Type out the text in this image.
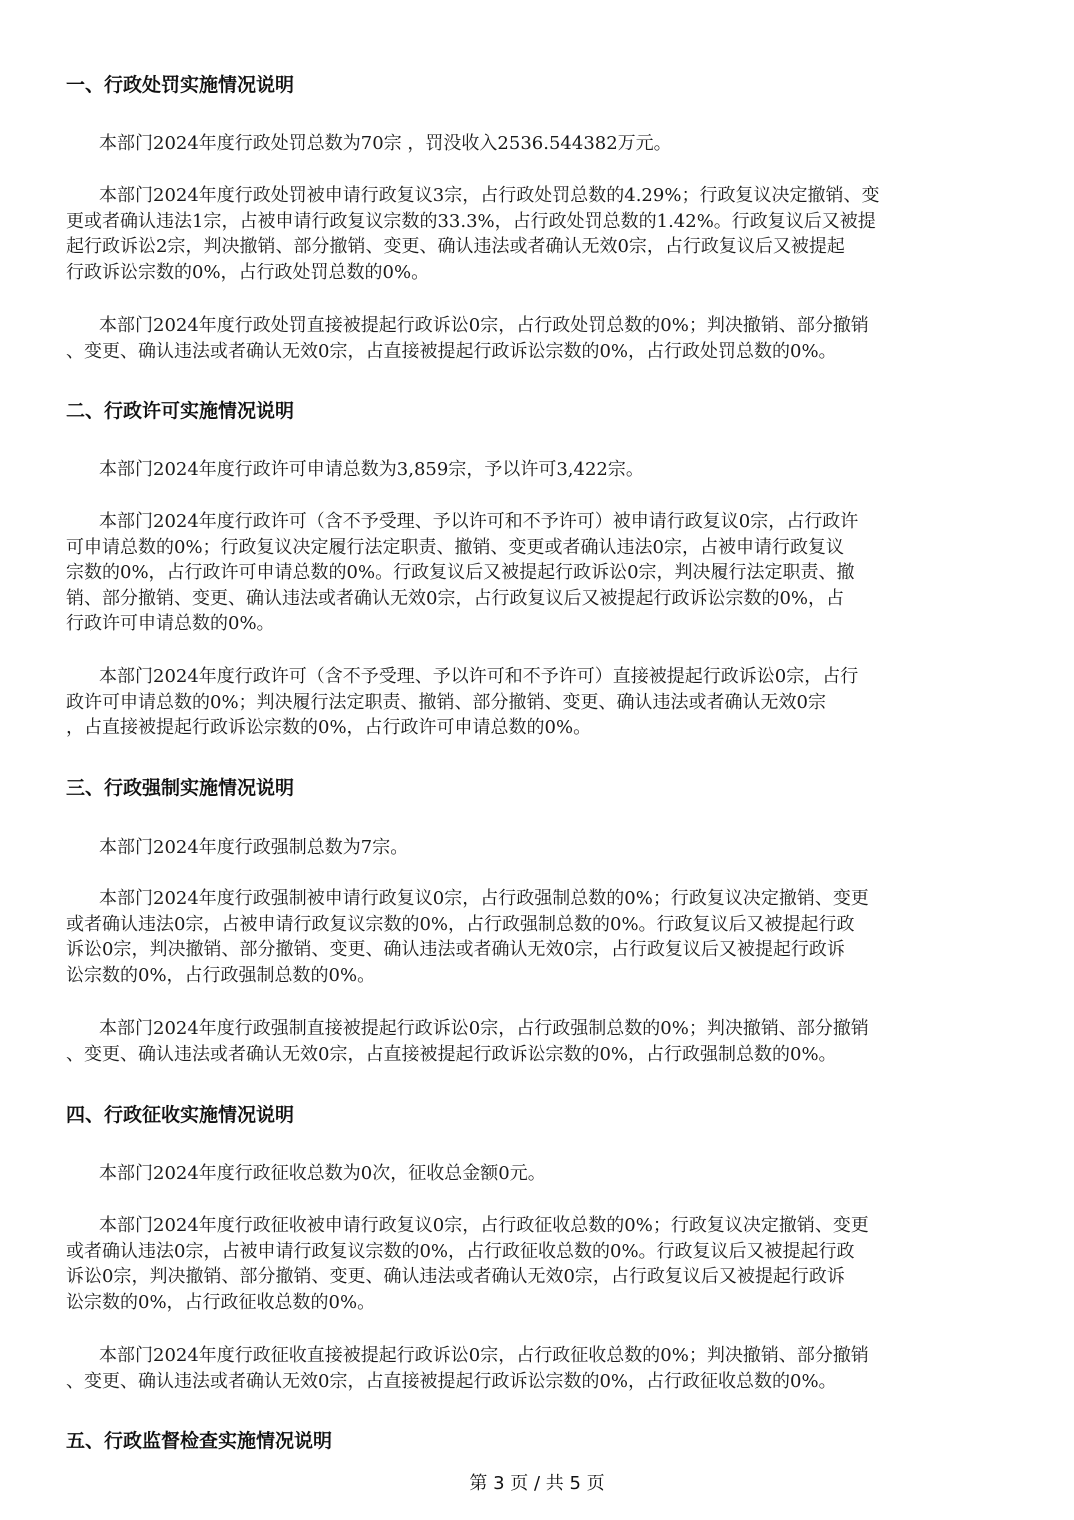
一、行政处罚实施情况说明
本部门2024年度行政处罚总数为70宗 ，罚没收入2536.544382万元。
本部门2024年度行政处罚被申请行政复议3宗，占行政处罚总数的4.29%；行政复议决定撤销、变
更或者确认违法1宗，占被申请行政复议宗数的33.3%，占行政处罚总数的1.42%。行政复议后又被提
起行政诉讼2宗，判决撤销、部分撤销、变更、确认违法或者确认无效0宗，占行政复议后又被提起
行政诉讼宗数的0%，占行政处罚总数的0%。
本部门2024年度行政处罚直接被提起行政诉讼0宗，占行政处罚总数的0%；判决撤销、部分撤销
、变更、确认违法或者确认无效0宗，占直接被提起行政诉讼宗数的0%，占行政处罚总数的0%。
二、行政许可实施情况说明
本部门2024年度行政许可申请总数为3,859宗，予以许可3,422宗。
本部门2024年度行政许可（含不予受理、予以许可和不予许可）被申请行政复议0宗，占行政许
可申请总数的0%；行政复议决定履行法定职责、撤销、变更或者确认违法0宗，占被申请行政复议
宗数的0%，占行政许可申请总数的0%。行政复议后又被提起行政诉讼0宗，判决履行法定职责、撤
销、部分撤销、变更、确认违法或者确认无效0宗，占行政复议后又被提起行政诉讼宗数的0%，占
行政许可申请总数的0%。
本部门2024年度行政许可（含不予受理、予以许可和不予许可）直接被提起行政诉讼0宗，占行
政许可申请总数的0%；判决履行法定职责、撤销、部分撤销、变更、确认违法或者确认无效0宗
，占直接被提起行政诉讼宗数的0%，占行政许可申请总数的0%。
三、行政强制实施情况说明
本部门2024年度行政强制总数为7宗。
本部门2024年度行政强制被申请行政复议0宗，占行政强制总数的0%；行政复议决定撤销、变更
或者确认违法0宗，占被申请行政复议宗数的0%，占行政强制总数的0%。行政复议后又被提起行政
诉讼0宗，判决撤销、部分撤销、变更、确认违法或者确认无效0宗，占行政复议后又被提起行政诉
讼宗数的0%，占行政强制总数的0%。
本部门2024年度行政强制直接被提起行政诉讼0宗，占行政强制总数的0%；判决撤销、部分撤销
、变更、确认违法或者确认无效0宗，占直接被提起行政诉讼宗数的0%，占行政强制总数的0%。
四、行政征收实施情况说明
本部门2024年度行政征收总数为0次，征收总金额0元。
本部门2024年度行政征收被申请行政复议0宗，占行政征收总数的0%；行政复议决定撤销、变更
或者确认违法0宗，占被申请行政复议宗数的0%，占行政征收总数的0%。行政复议后又被提起行政
诉讼0宗，判决撤销、部分撤销、变更、确认违法或者确认无效0宗，占行政复议后又被提起行政诉
讼宗数的0%，占行政征收总数的0%。
本部门2024年度行政征收直接被提起行政诉讼0宗，占行政征收总数的0%；判决撤销、部分撤销
、变更、确认违法或者确认无效0宗，占直接被提起行政诉讼宗数的0%，占行政征收总数的0%。
五、行政监督检查实施情况说明
第 3 页 / 共 5 页
